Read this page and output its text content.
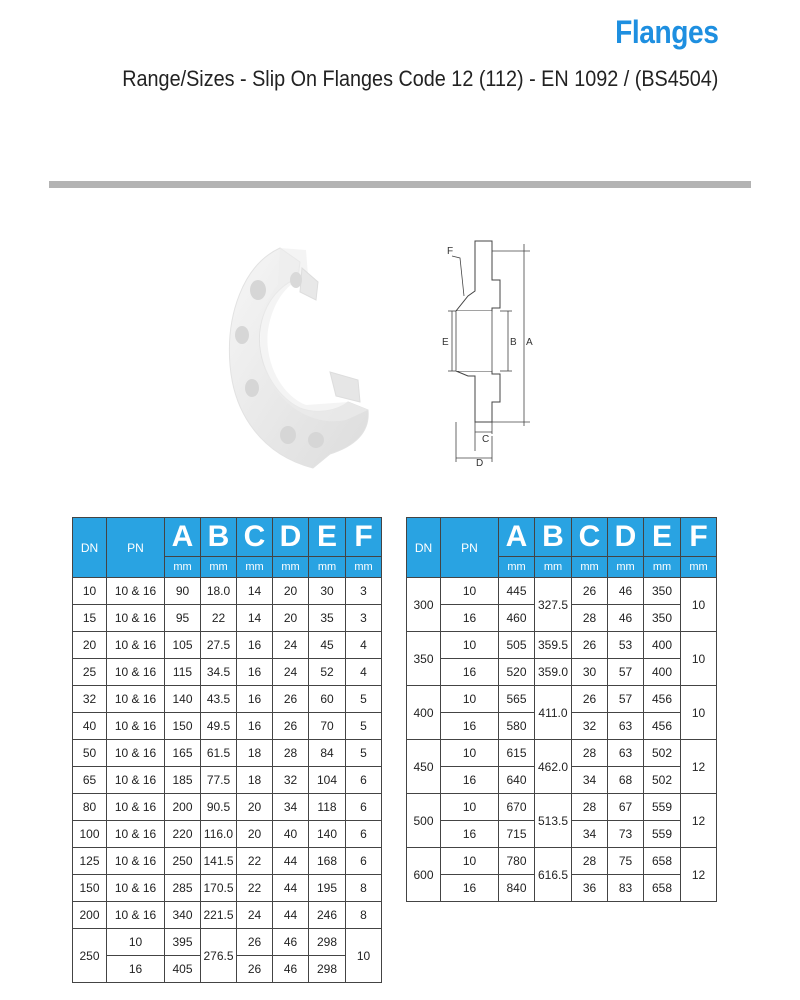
Flanges
Range/Sizes - Slip On Flanges Code 12 (112) - EN 1092 / (BS4504)
F
E	B A
C
D
DN	PN	A	B	C	D	E	F
		mm	mm	mm	mm	mm	mm
10	10 & 16	90	18.0	14	20	30	3
15	10 & 16	95	22	14	20	35	3
20	10 & 16	105	27.5	16	24	45	4
25	10 & 16	115	34.5	16	24	52	4
32	10 & 16	140	43.5	16	26	60	5
40	10 & 16	150	49.5	16	26	70	5
50	10 & 16	165	61.5	18	28	84	5
65	10 & 16	185	77.5	18	32	104	6
80	10 & 16	200	90.5	20	34	118	6
100	10 & 16	220	116.0	20	40	140	6
125	10 & 16	250	141.5	22	44	168	6
150	10 & 16	285	170.5	22	44	195	8
200	10 & 16	340	221.5	24	44	246	8
250	10	395	276.5	26	46	298	10
	16	405		26	46	298	
DN	PN	A	B	C	D	E	F
		mm	mm	mm	mm	mm	mm
300	10	445	327.5	26	46	350	10
	16	460		28	46	350	
350	10	505	359.5	26	53	400	10
	16	520	359.0	30	57	400	
400	10	565	411.0	26	57	456	10
	16	580		32	63	456	
450	10	615	462.0	28	63	502	12
	16	640		34	68	502	
500	10	670	513.5	28	67	559	12
	16	715		34	73	559	
600	10	780	616.5	28	75	658	12
	16	840		36	83	658	
